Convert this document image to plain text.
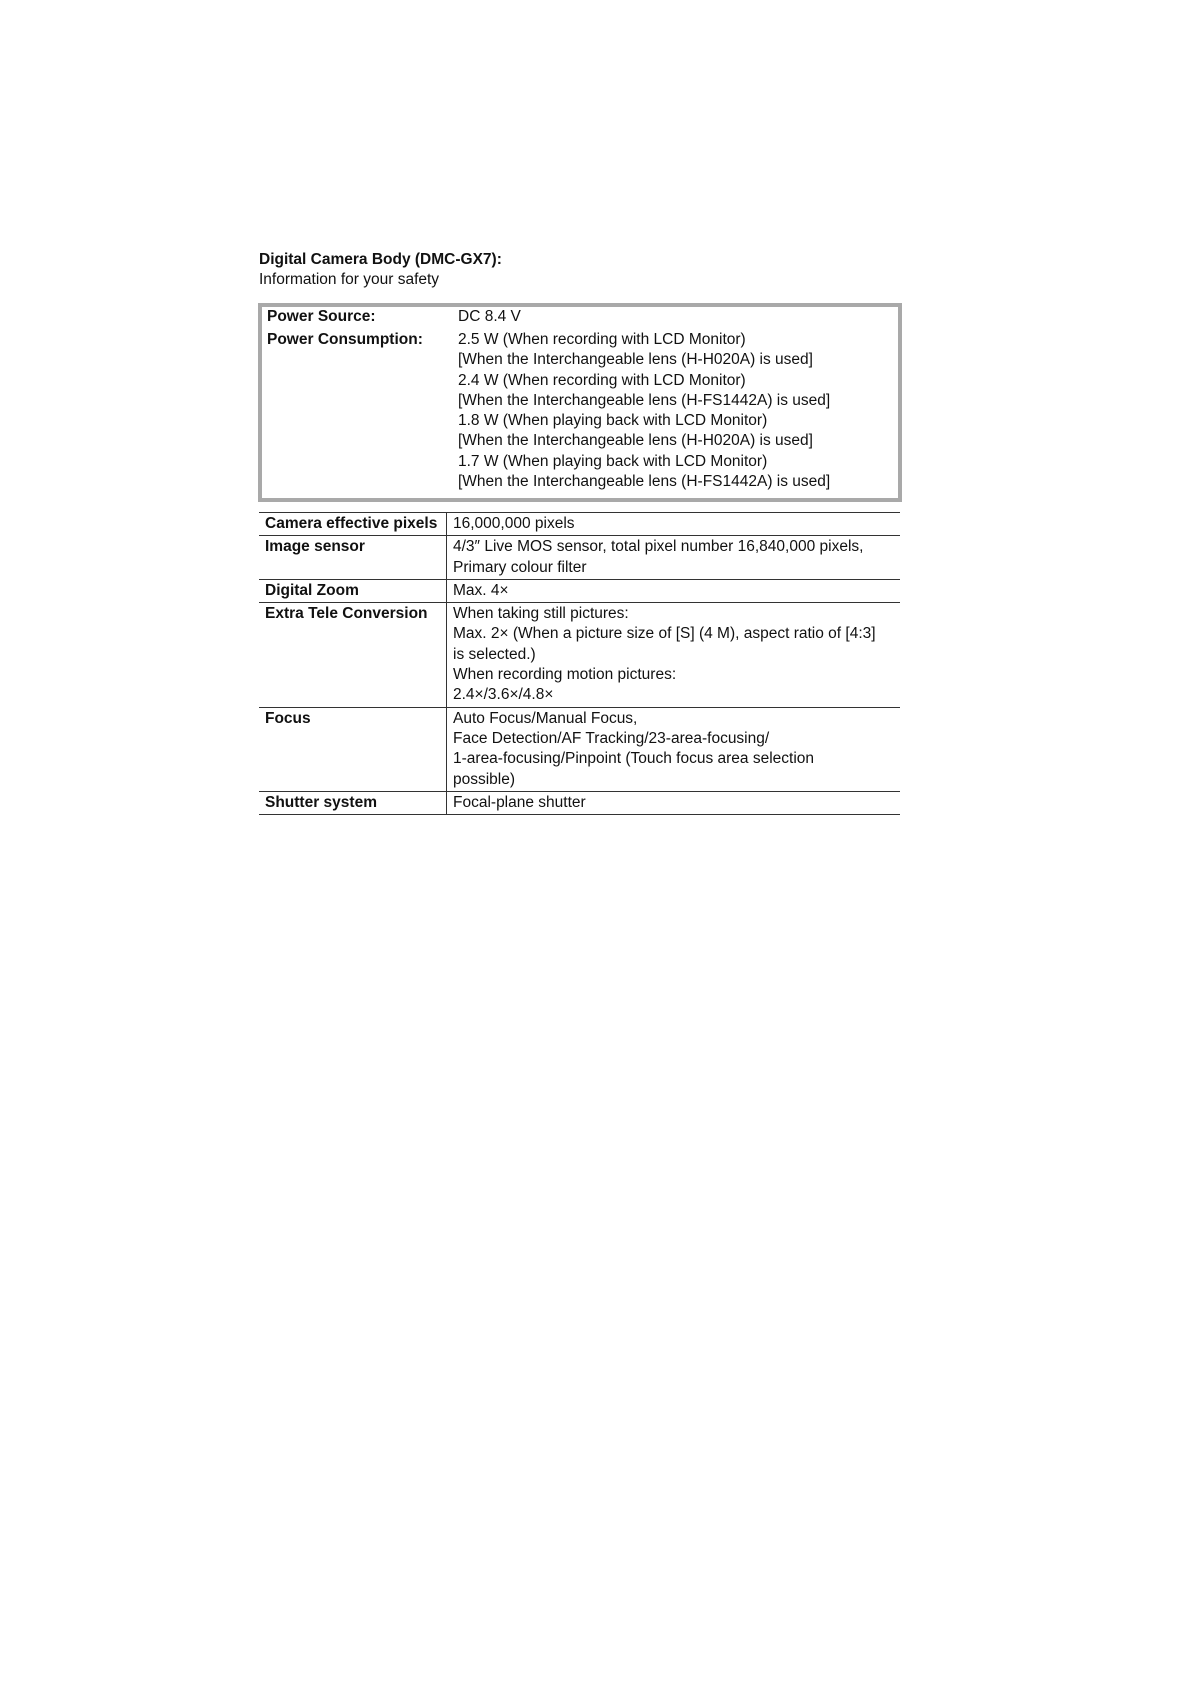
Digital Camera Body (DMC-GX7):
Information for your safety
Power Source:	DC 8.4 V
Power Consumption:	2.5 W (When recording with LCD Monitor)
[When the Interchangeable lens (H-H020A) is used]
2.4 W (When recording with LCD Monitor)
[When the Interchangeable lens (H-FS1442A) is used]
1.8 W (When playing back with LCD Monitor)
[When the Interchangeable lens (H-H020A) is used]
1.7 W (When playing back with LCD Monitor)
[When the Interchangeable lens (H-FS1442A) is used]
Camera effective pixels	16,000,000 pixels

Image sensor	4/3″ Live MOS sensor, total pixel number 16,840,000 pixels,
Primary colour filter

Digital Zoom	Max. 4×

Extra Tele Conversion	When taking still pictures:
Max. 2× (When a picture size of [S] (4 M), aspect ratio of [4:3]
is selected.)
When recording motion pictures:
2.4×/3.6×/4.8×

Focus	Auto Focus/Manual Focus,
Face Detection/AF Tracking/23-area-focusing/
1-area-focusing/Pinpoint (Touch focus area selection
possible)

Shutter system	Focal-plane shutter
